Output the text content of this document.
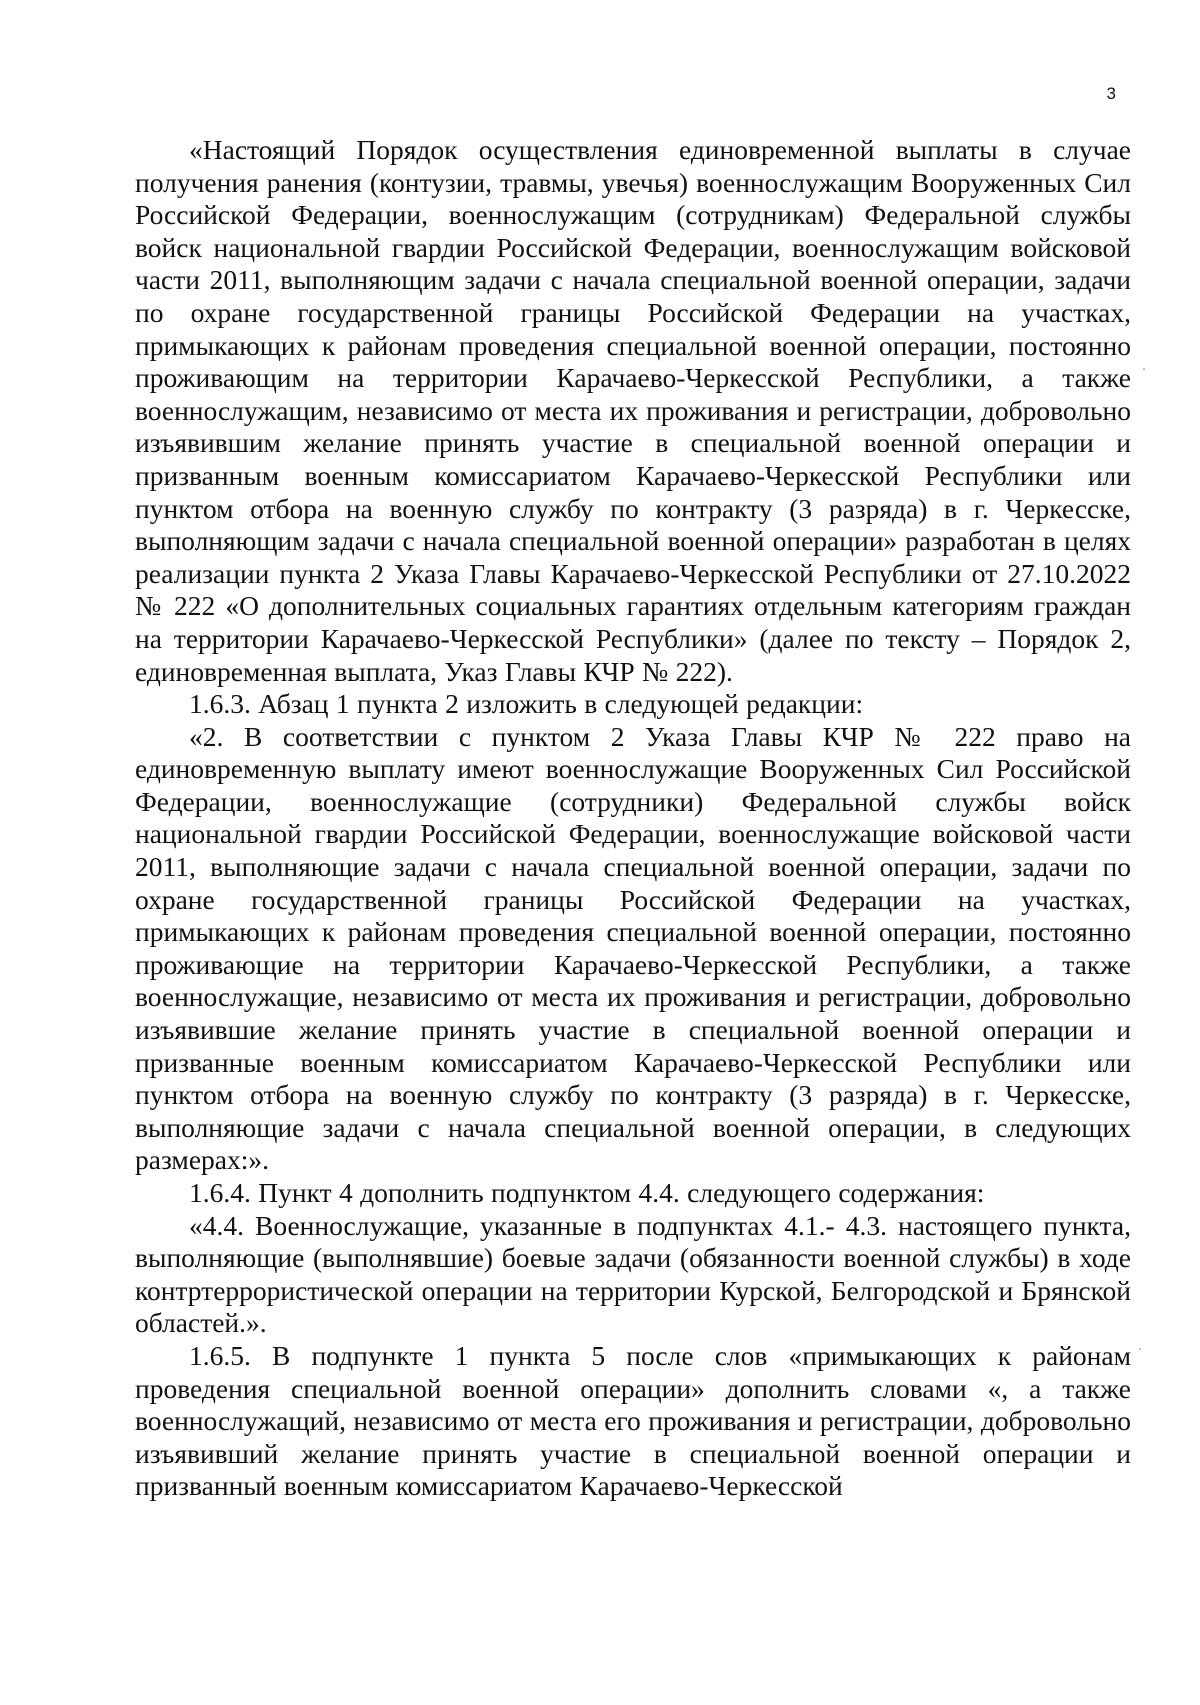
3

«Настоящий Порядок осуществления единовременной выплаты в случае получения ранения (контузии, травмы, увечья) военнослужащим Вооруженных Сил Российской Федерации, военнослужащим (сотрудникам) Федеральной службы войск национальной гвардии Российской Федерации, военнослужащим войсковой части 2011, выполняющим задачи с начала специальной военной операции, задачи по охране государственной границы Российской Федерации на участках, примыкающих к районам проведения специальной военной операции, постоянно проживающим на территории Карачаево-Черкесской Республики, а также военнослужащим, независимо от места их проживания и регистрации, добровольно изъявившим желание принять участие в специальной военной операции и призванным военным комиссариатом Карачаево-Черкесской Республики или пунктом отбора на военную службу по контракту (3 разряда) в г. Черкесске, выполняющим задачи с начала специальной военной операции» разработан в целях реализации пункта 2 Указа Главы Карачаево-Черкесской Республики от 27.10.2022 № 222 «О дополнительных социальных гарантиях отдельным категориям граждан на территории Карачаево-Черкесской Республики» (далее по тексту – Порядок 2, единовременная выплата, Указ Главы КЧР № 222).

1.6.3. Абзац 1 пункта 2 изложить в следующей редакции:

«2. В соответствии с пунктом 2 Указа Главы КЧР № 222 право на единовременную выплату имеют военнослужащие Вооруженных Сил Российской Федерации, военнослужащие (сотрудники) Федеральной службы войск национальной гвардии Российской Федерации, военнослужащие войсковой части 2011, выполняющие задачи с начала специальной военной операции, задачи по охране государственной границы Российской Федерации на участках, примыкающих к районам проведения специальной военной операции, постоянно проживающие на территории Карачаево-Черкесской Республики, а также военнослужащие, независимо от места их проживания и регистрации, добровольно изъявившие желание принять участие в специальной военной операции и призванные военным комиссариатом Карачаево-Черкесской Республики или пунктом отбора на военную службу по контракту (3 разряда) в г. Черкесске, выполняющие задачи с начала специальной военной операции, в следующих размерах:».

1.6.4. Пункт 4 дополнить подпунктом 4.4. следующего содержания:

«4.4. Военнослужащие, указанные в подпунктах 4.1.- 4.3. настоящего пункта, выполняющие (выполнявшие) боевые задачи (обязанности военной службы) в ходе контртеррористической операции на территории Курской, Белгородской и Брянской областей.».

1.6.5. В подпункте 1 пункта 5 после слов «примыкающих к районам проведения специальной военной операции» дополнить словами «, а также военнослужащий, независимо от места его проживания и регистрации, добровольно изъявивший желание принять участие в специальной военной операции и призванный военным комиссариатом Карачаево-Черкесской
